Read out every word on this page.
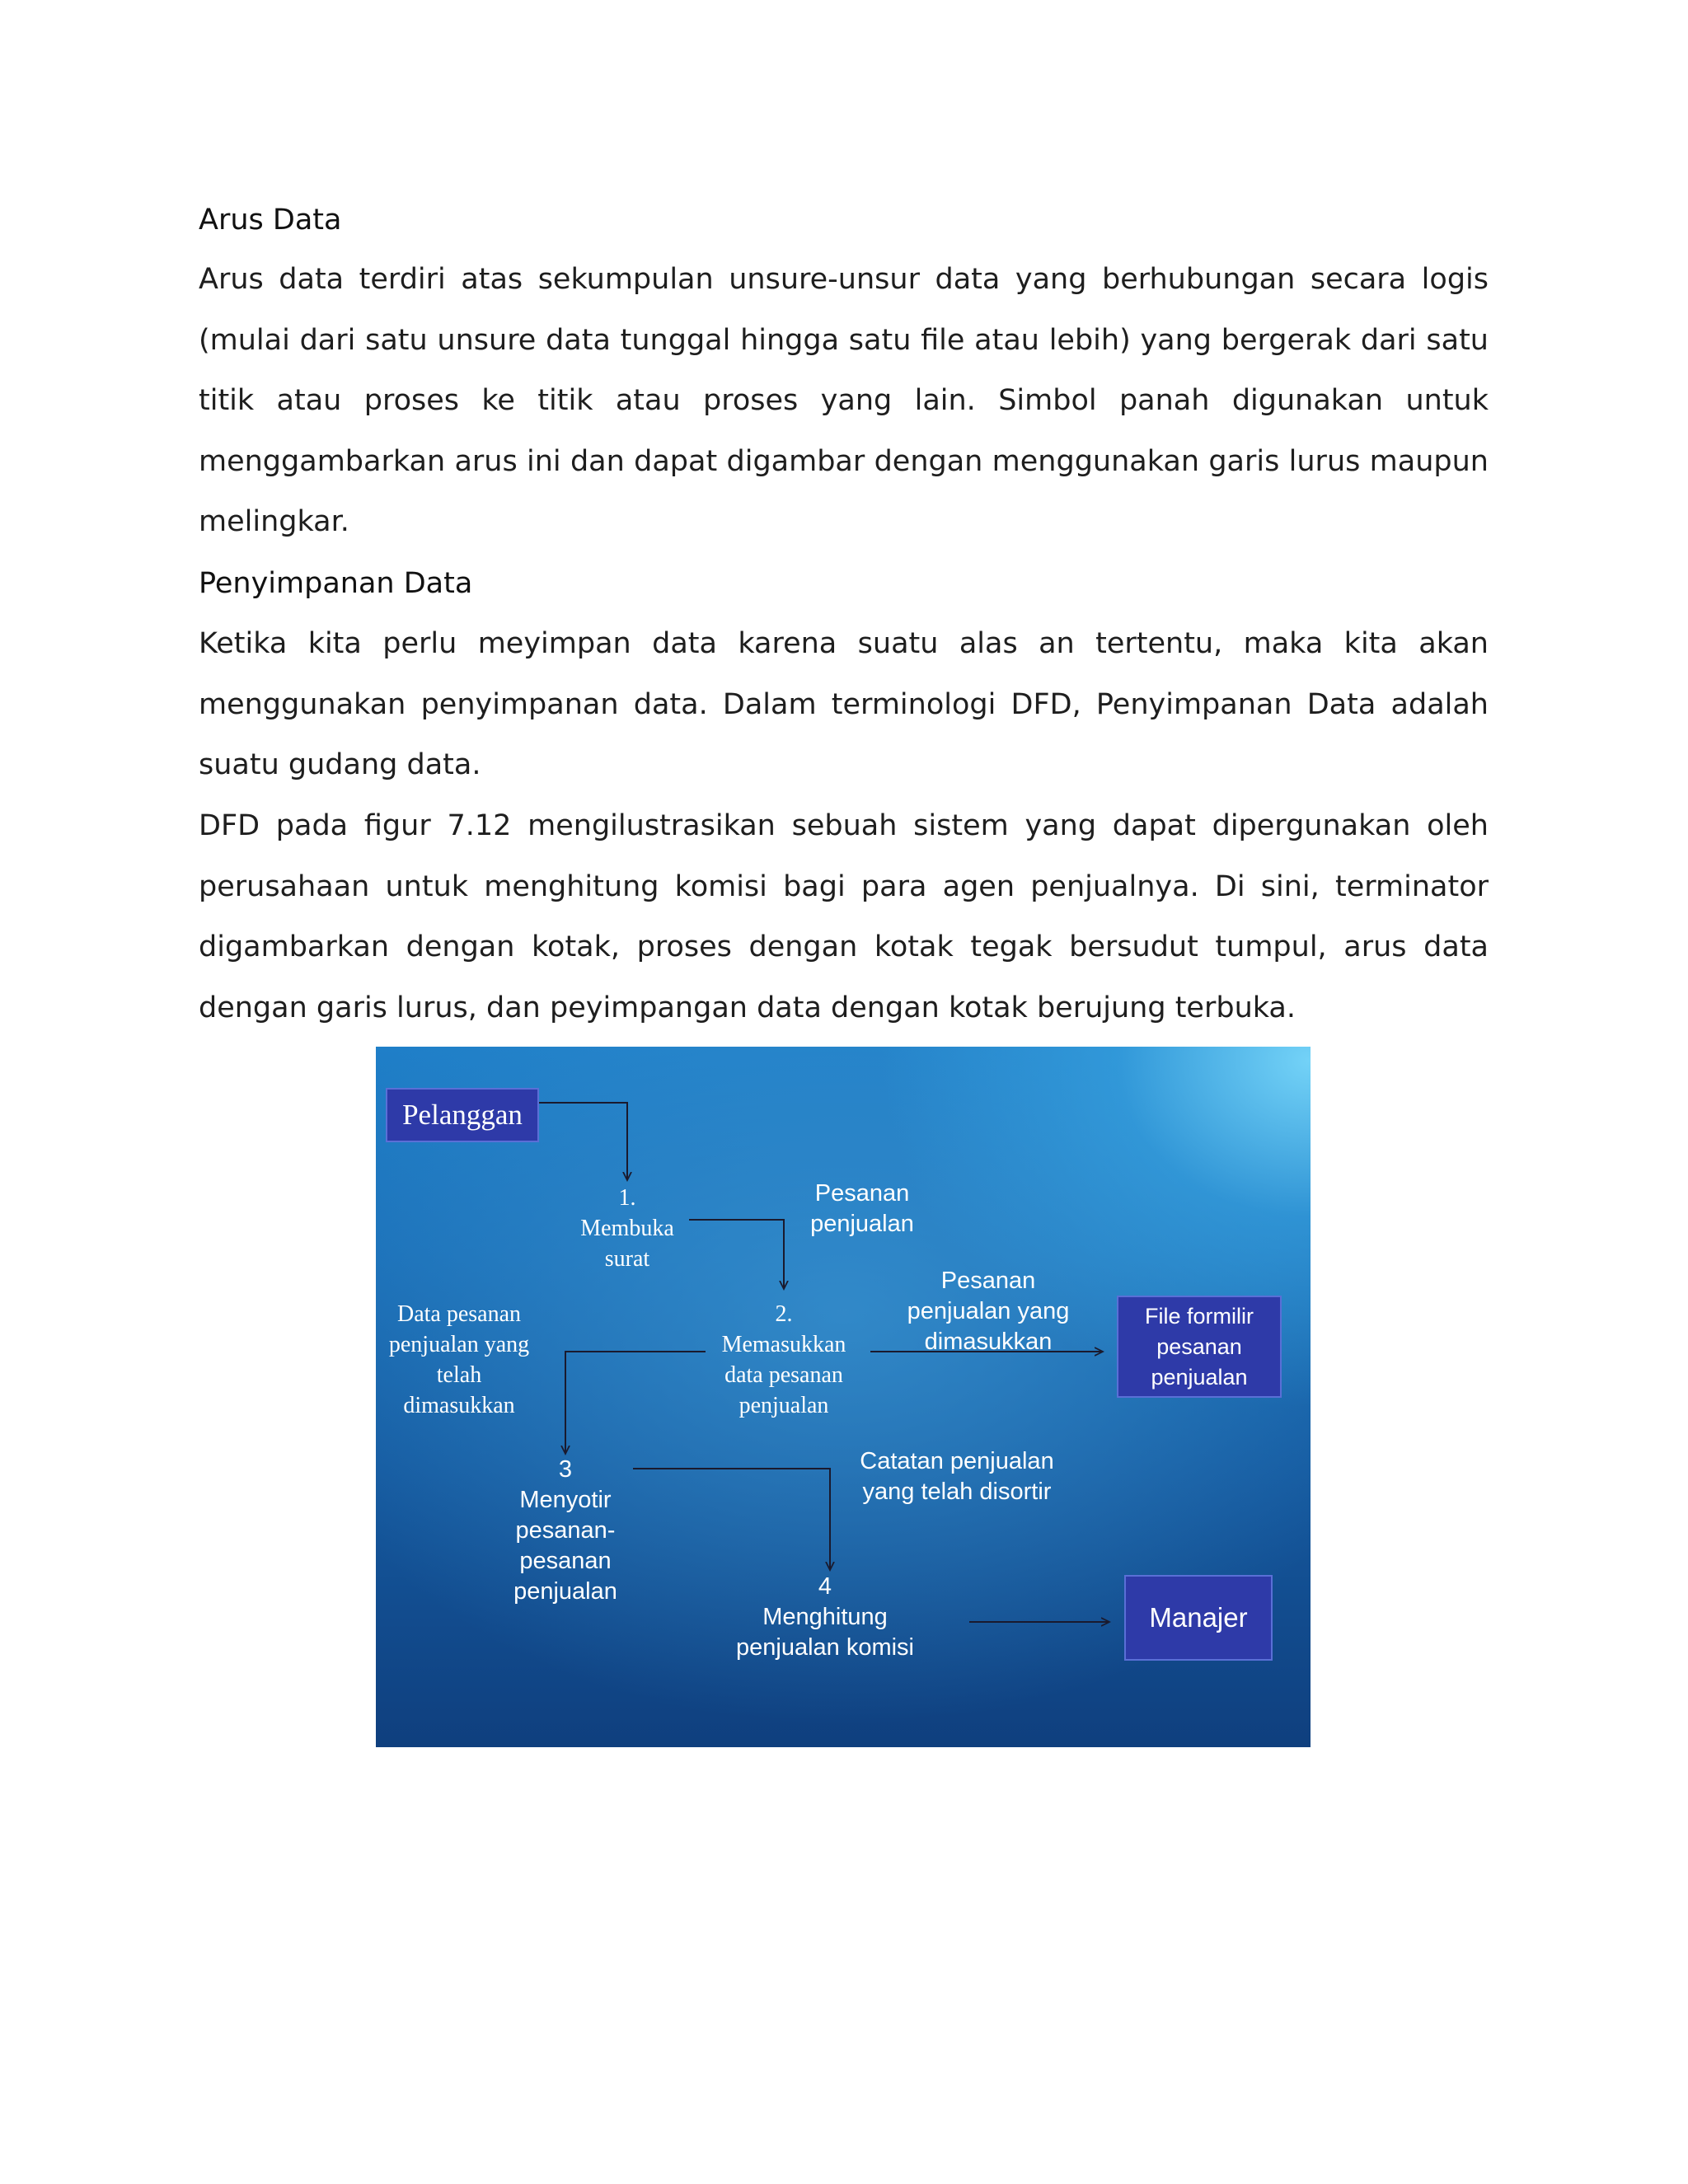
Arus Data

Arus data terdiri atas sekumpulan unsure-unsur data yang berhubungan secara logis (mulai dari satu unsure data tunggal hingga satu file atau lebih) yang bergerak dari satu titik atau proses ke titik atau proses yang lain. Simbol panah digunakan untuk menggambarkan arus ini dan dapat digambar dengan menggunakan garis lurus maupun melingkar.

Penyimpanan Data

Ketika kita perlu meyimpan data karena suatu alas an tertentu, maka kita akan menggunakan penyimpanan data. Dalam terminologi DFD, Penyimpanan Data adalah suatu gudang data.

DFD pada figur 7.12 mengilustrasikan sebuah sistem yang dapat dipergunakan oleh perusahaan untuk menghitung komisi bagi para agen penjualnya. Di sini, terminator digambarkan dengan kotak, proses dengan kotak tegak bersudut tumpul, arus data dengan garis lurus, dan peyimpangan data dengan kotak berujung terbuka.

Pelanggan
1.
Membuka
surat
Pesanan
penjualan
2.
Memasukkan
data pesanan
penjualan
Pesanan
penjualan yang
dimasukkan
File formilir
pesanan
penjualan
Data pesanan
penjualan yang
telah
dimasukkan
3
Menyotir
pesanan-
pesanan
penjualan
Catatan penjualan
yang telah disortir
4
Menghitung
penjualan komisi
Manajer
